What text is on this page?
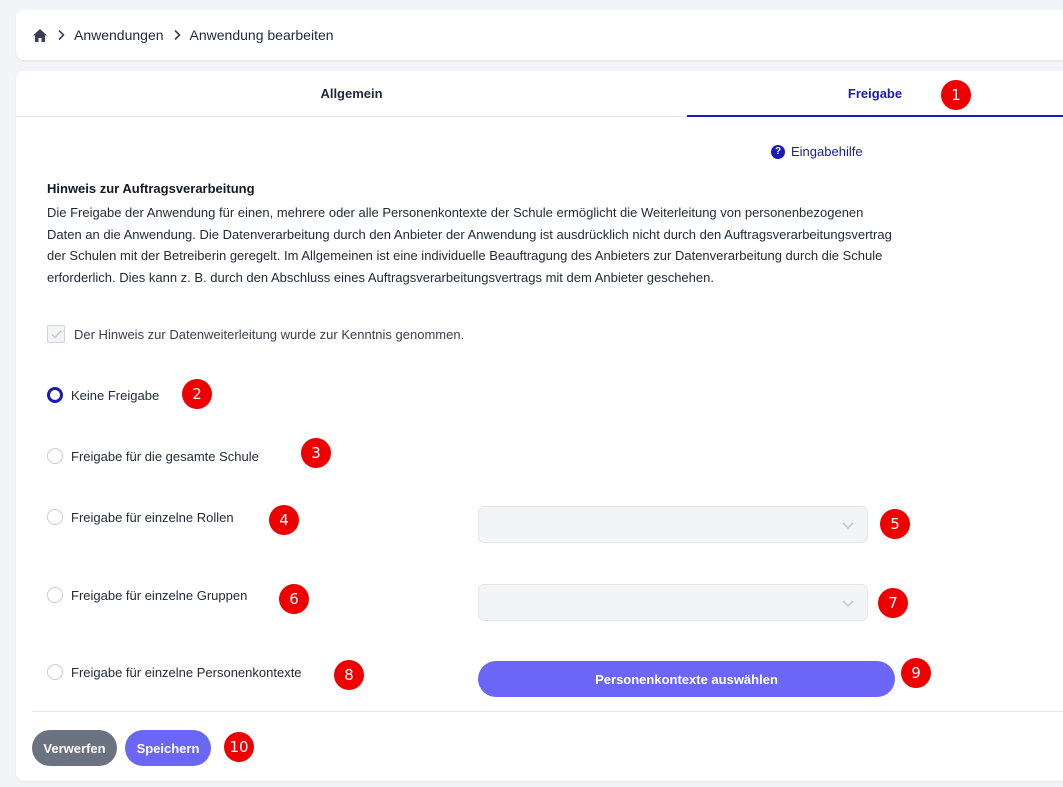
Anwendungen Anwendung bearbeiten
Allgemein	Freigabe
? Eingabehilfe
Hinweis zur Auftragsverarbeitung
Die Freigabe der Anwendung für einen, mehrere oder alle Personenkontexte der Schule ermöglicht die Weiterleitung von personenbezogenen Daten an die Anwendung. Die Datenverarbeitung durch den Anbieter der Anwendung ist ausdrücklich nicht durch den Auftragsverarbeitungsvertrag der Schulen mit der Betreiberin geregelt. Im Allgemeinen ist eine individuelle Beauftragung des Anbieters zur Datenverarbeitung durch die Schule erforderlich. Dies kann z. B. durch den Abschluss eines Auftragsverarbeitungsvertrags mit dem Anbieter geschehen.
Der Hinweis zur Datenweiterleitung wurde zur Kenntnis genommen.
Keine Freigabe
Freigabe für die gesamte Schule
Freigabe für einzelne Rollen
Freigabe für einzelne Gruppen
Freigabe für einzelne Personenkontexte	Personenkontexte auswählen
Verwerfen	Speichern
1
2
3
4	5
6	7
8	9
10
